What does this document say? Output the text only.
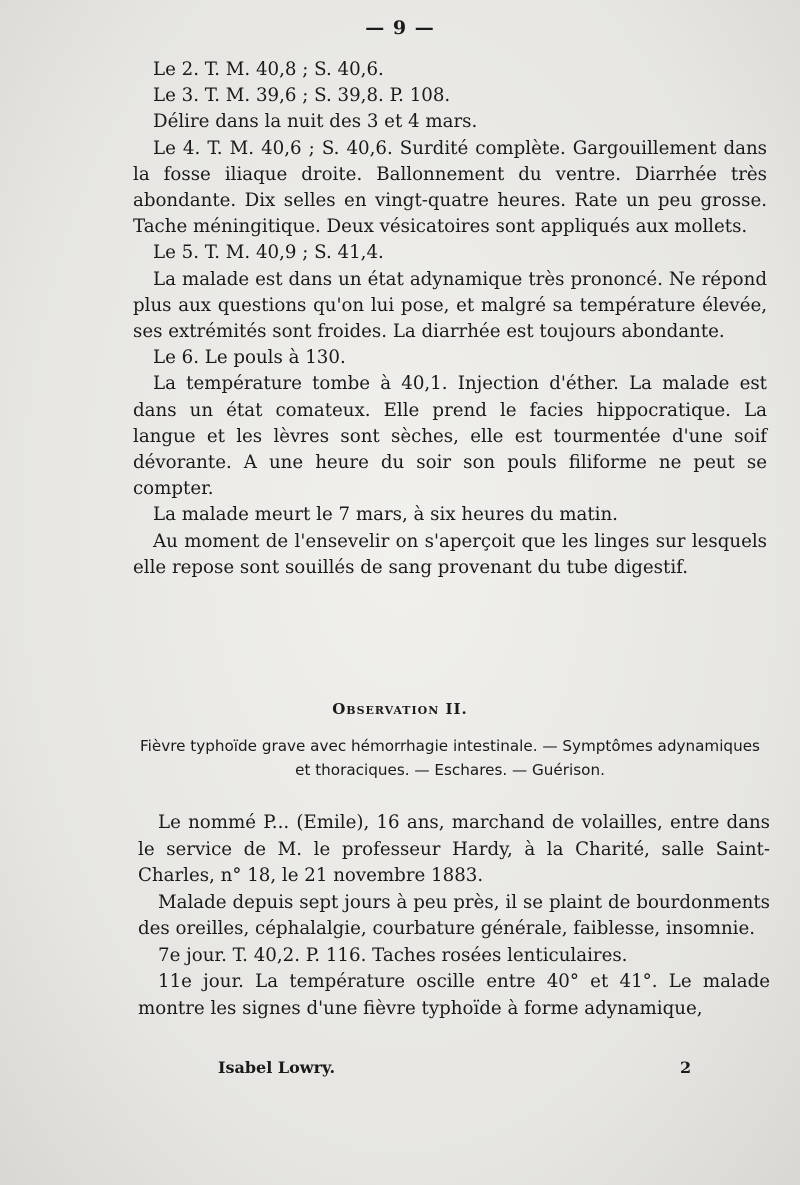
— 9 —

Le 2. T. M. 40,8 ; S. 40,6.

Le 3. T. M. 39,6 ; S. 39,8. P. 108.

Délire dans la nuit des 3 et 4 mars.

Le 4. T. M. 40,6 ; S. 40,6. Surdité complète. Gargouillement dans la fosse iliaque droite. Ballonnement du ventre. Diarrhée très abondante. Dix selles en vingt-quatre heures. Rate un peu grosse. Tache méningitique. Deux vésicatoires sont appliqués aux mollets.

Le 5. T. M. 40,9 ; S. 41,4.

La malade est dans un état adynamique très prononcé. Ne répond plus aux questions qu'on lui pose, et malgré sa température élevée, ses extrémités sont froides. La diarrhée est toujours abondante.

Le 6. Le pouls à 130.

La température tombe à 40,1. Injection d'éther. La malade est dans un état comateux. Elle prend le facies hippocratique. La langue et les lèvres sont sèches, elle est tourmentée d'une soif dévorante. A une heure du soir son pouls filiforme ne peut se compter.

La malade meurt le 7 mars, à six heures du matin.

Au moment de l'ensevelir on s'aperçoit que les linges sur lesquels elle repose sont souillés de sang provenant du tube digestif.

Observation II.
Fièvre typhoïde grave avec hémorrhagie intestinale. — Symptômes adynamiques et thoraciques. — Eschares. — Guérison.

Le nommé P... (Emile), 16 ans, marchand de volailles, entre dans le service de M. le professeur Hardy, à la Charité, salle Saint-Charles, n° 18, le 21 novembre 1883.

Malade depuis sept jours à peu près, il se plaint de bourdonments des oreilles, céphalalgie, courbature générale, faiblesse, insomnie.

7e jour. T. 40,2. P. 116. Taches rosées lenticulaires.

11e jour. La température oscille entre 40° et 41°. Le malade montre les signes d'une fièvre typhoïde à forme adynamique,

Isabel Lowry.	2
